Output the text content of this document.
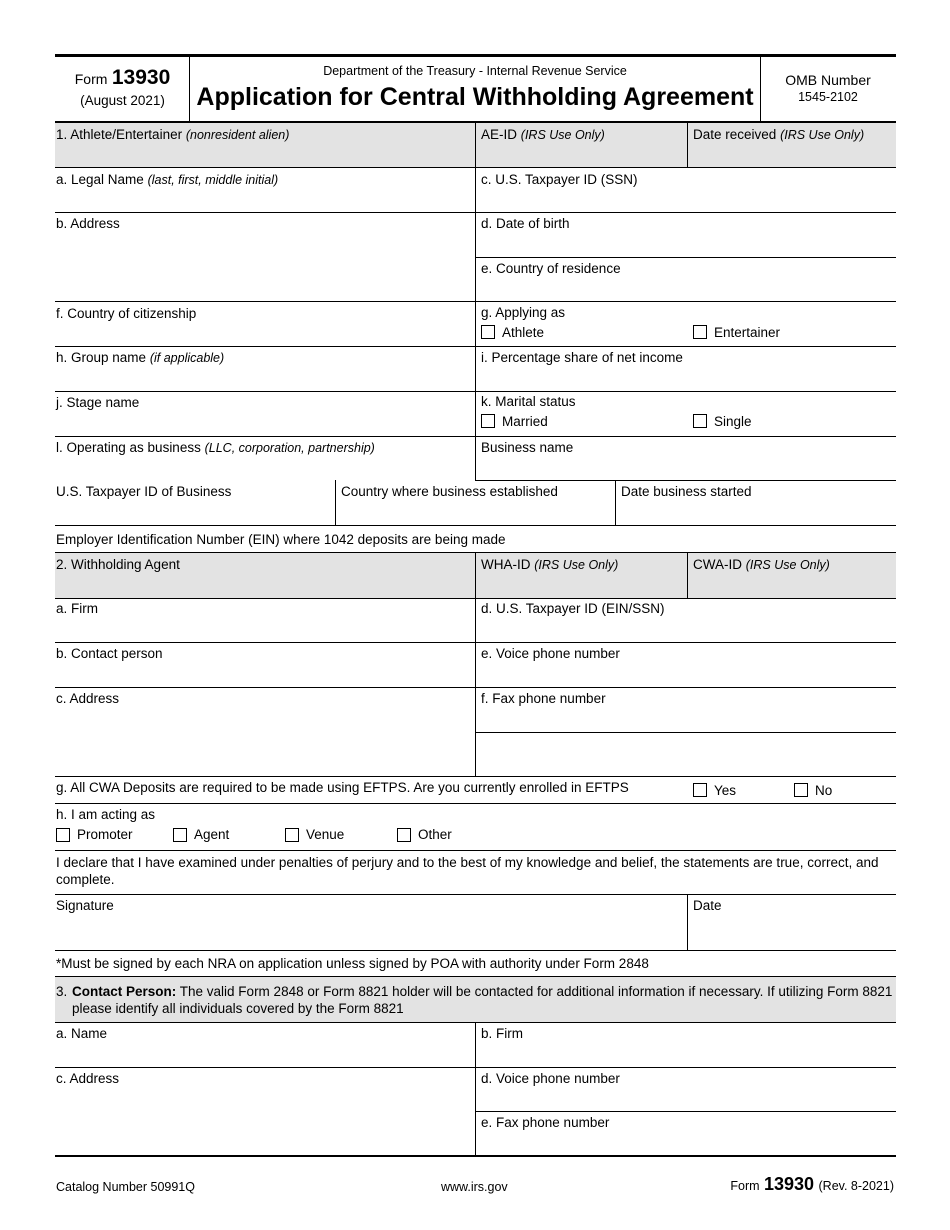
Form 13930
(August 2021)
Department of the Treasury - Internal Revenue Service
Application for Central Withholding Agreement
OMB Number
1545-2102
1. Athlete/Entertainer (nonresident alien)	AE-ID (IRS Use Only)	Date received (IRS Use Only)
a. Legal Name (last, first, middle initial)	c. U.S. Taxpayer ID (SSN)
b. Address	d. Date of birth
e. Country of residence
f. Country of citizenship	g. Applying as
Athlete	Entertainer
h. Group name (if applicable)	i. Percentage share of net income
j. Stage name	k. Marital status
Married	Single
l. Operating as business (LLC, corporation, partnership)	Business name
U.S. Taxpayer ID of Business	Country where business established	Date business started
Employer Identification Number (EIN) where 1042 deposits are being made
2. Withholding Agent	WHA-ID (IRS Use Only)	CWA-ID (IRS Use Only)
a. Firm	d. U.S. Taxpayer ID (EIN/SSN)
b. Contact person	e. Voice phone number
c. Address	f. Fax phone number
g. All CWA Deposits are required to be made using EFTPS. Are you currently enrolled in EFTPS	Yes	No
h. I am acting as
Promoter	Agent	Venue	Other
I declare that I have examined under penalties of perjury and to the best of my knowledge and belief, the statements are true, correct, and complete.
Signature	Date
*Must be signed by each NRA on application unless signed by POA with authority under Form 2848
3. Contact Person: The valid Form 2848 or Form 8821 holder will be contacted for additional information if necessary. If utilizing Form 8821 please identify all individuals covered by the Form 8821
a. Name	b. Firm
c. Address	d. Voice phone number
e. Fax phone number
Catalog Number 50991Q	www.irs.gov	Form 13930 (Rev. 8-2021)
